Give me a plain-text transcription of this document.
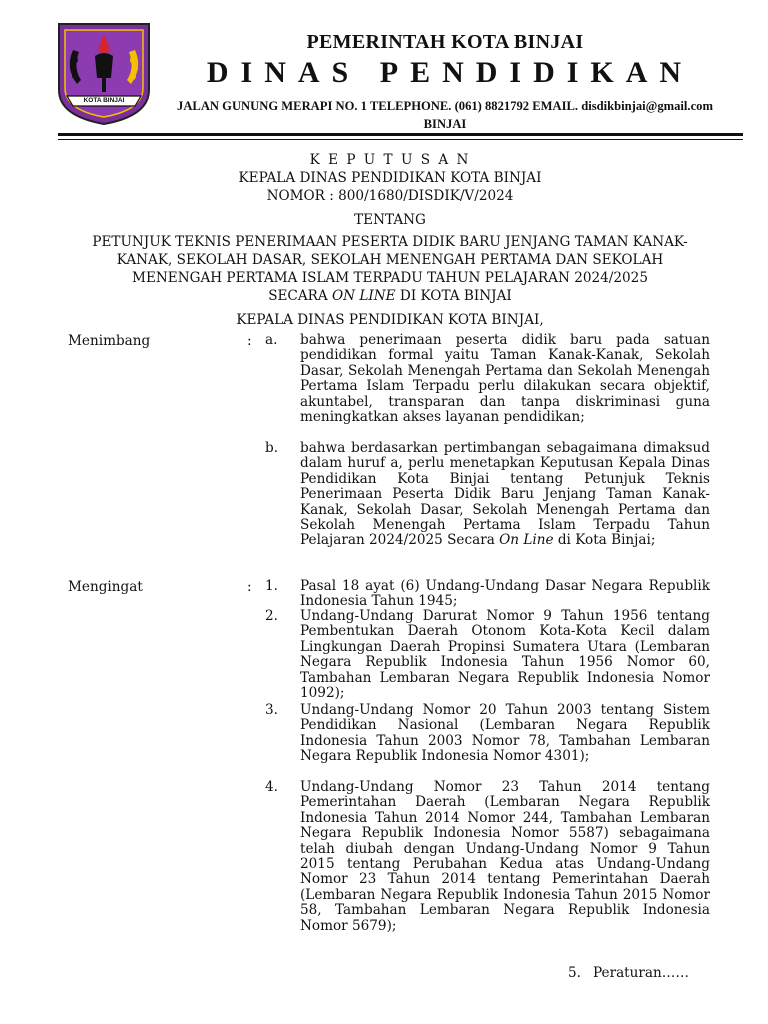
KOTA BINJAI
PEMERINTAH KOTA BINJAI
DINAS PENDIDIKAN
JALAN GUNUNG MERAPI NO. 1 TELEPHONE. (061) 8821792 EMAIL. disdikbinjai@gmail.com
BINJAI
K E P U T U S A N
KEPALA DINAS PENDIDIKAN KOTA BINJAI
NOMOR : 800/1680/DISDIK/V/2024
TENTANG
PETUNJUK TEKNIS PENERIMAAN PESERTA DIDIK BARU JENJANG TAMAN KANAK-
KANAK, SEKOLAH DASAR, SEKOLAH MENENGAH PERTAMA DAN SEKOLAH
MENENGAH PERTAMA ISLAM TERPADU TAHUN PELAJARAN 2024/2025
SECARA ON LINE DI KOTA BINJAI
KEPALA DINAS PENDIDIKAN KOTA BINJAI,
Menimbang	: a. bahwa penerimaan peserta didik baru pada satuan pendidikan formal yaitu Taman Kanak-Kanak, Sekolah Dasar, Sekolah Menengah Pertama dan Sekolah Menengah Pertama Islam Terpadu perlu dilakukan secara objektif, akuntabel, transparan dan tanpa diskriminasi guna meningkatkan akses layanan pendidikan;
b. bahwa berdasarkan pertimbangan sebagaimana dimaksud dalam huruf a, perlu menetapkan Keputusan Kepala Dinas Pendidikan Kota Binjai tentang Petunjuk Teknis Penerimaan Peserta Didik Baru Jenjang Taman Kanak-Kanak, Sekolah Dasar, Sekolah Menengah Pertama dan Sekolah Menengah Pertama Islam Terpadu Tahun Pelajaran 2024/2025 Secara On Line di Kota Binjai;
Mengingat	: 1. Pasal 18 ayat (6) Undang-Undang Dasar Negara Republik Indonesia Tahun 1945;
2. Undang-Undang Darurat Nomor 9 Tahun 1956 tentang Pembentukan Daerah Otonom Kota-Kota Kecil dalam Lingkungan Daerah Propinsi Sumatera Utara (Lembaran Negara Republik Indonesia Tahun 1956 Nomor 60, Tambahan Lembaran Negara Republik Indonesia Nomor 1092);
3. Undang-Undang Nomor 20 Tahun 2003 tentang Sistem Pendidikan Nasional (Lembaran Negara Republik Indonesia Tahun 2003 Nomor 78, Tambahan Lembaran Negara Republik Indonesia Nomor 4301);
4. Undang-Undang Nomor 23 Tahun 2014 tentang Pemerintahan Daerah (Lembaran Negara Republik Indonesia Tahun 2014 Nomor 244, Tambahan Lembaran Negara Republik Indonesia Nomor 5587) sebagaimana telah diubah dengan Undang-Undang Nomor 9 Tahun 2015 tentang Perubahan Kedua atas Undang-Undang Nomor 23 Tahun 2014 tentang Pemerintahan Daerah (Lembaran Negara Republik Indonesia Tahun 2015 Nomor 58, Tambahan Lembaran Negara Republik Indonesia Nomor 5679);
5. Peraturan……
